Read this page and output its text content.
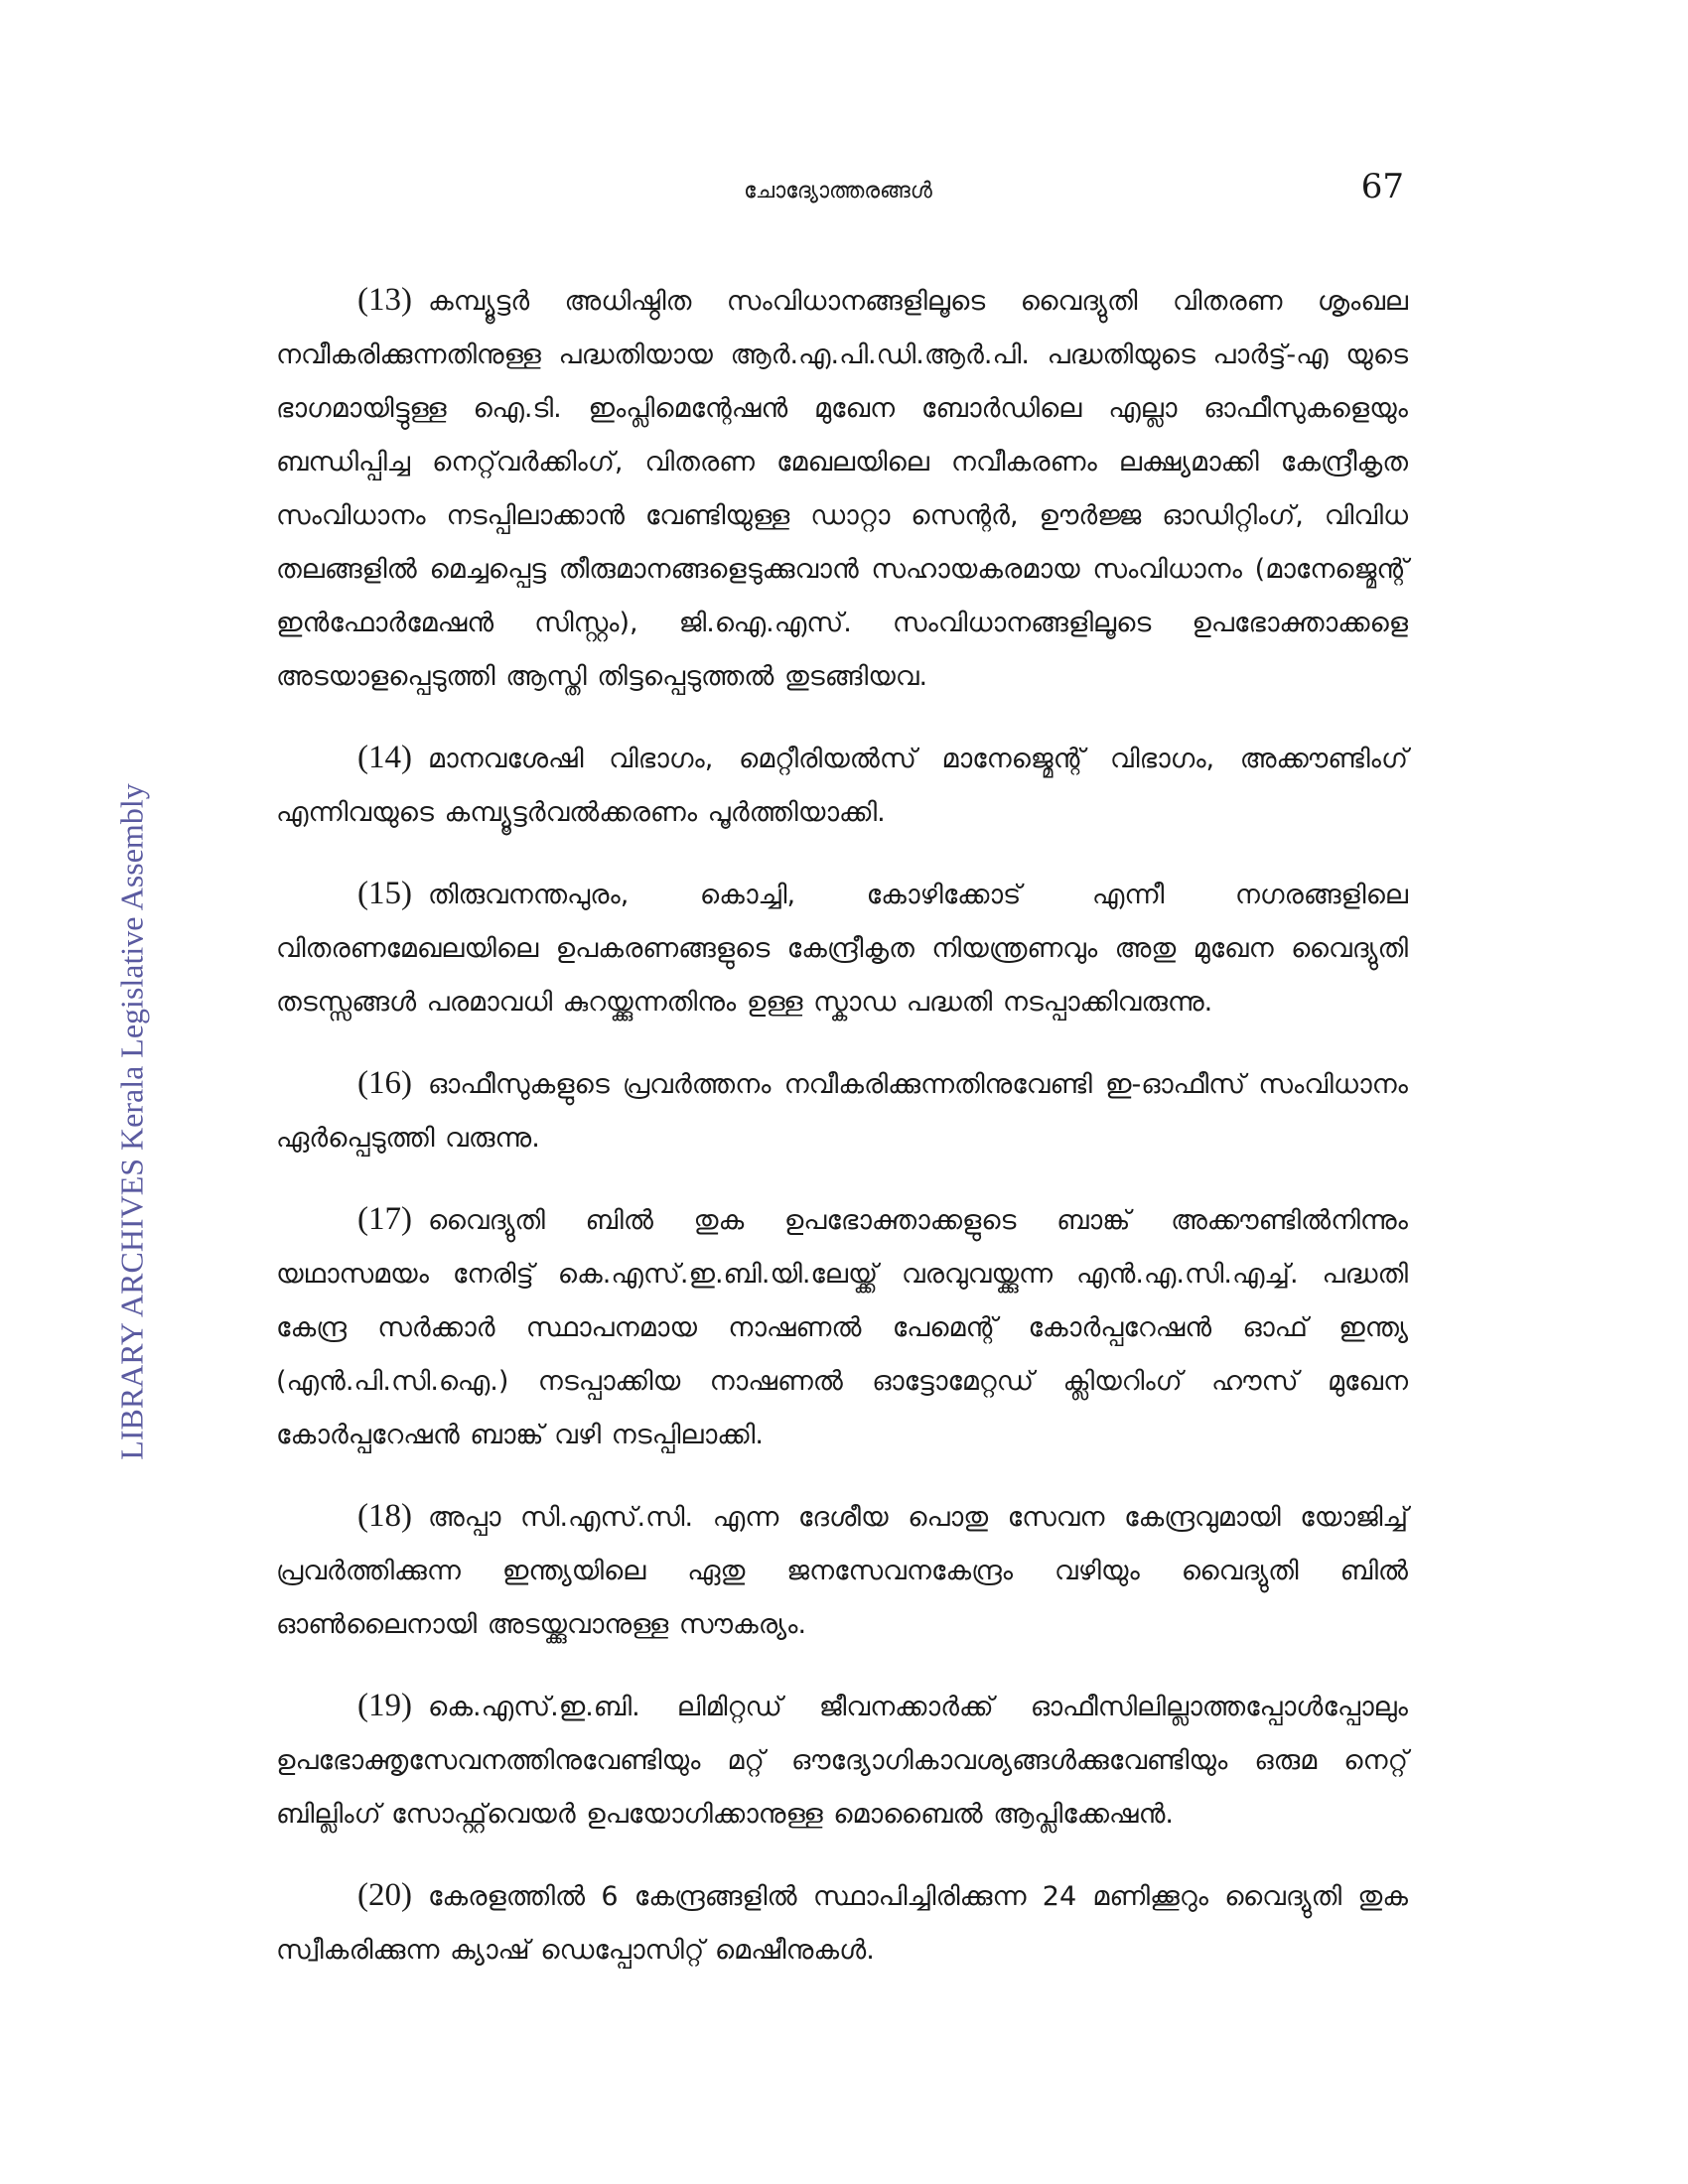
ചോദ്യോത്തരങ്ങൾ	67
LIBRARY ARCHIVES Kerala Legislative Assembly

(13) കമ്പ്യൂട്ടർ അധിഷ്ഠിത സംവിധാനങ്ങളിലൂടെ വൈദ്യുതി വിതരണ ശൃംഖല നവീകരിക്കുന്നതിനുള്ള പദ്ധതിയായ ആർ.എ.പി.ഡി.ആർ.പി. പദ്ധതിയുടെ പാർട്ട്-എ യുടെ ഭാഗമായിട്ടുള്ള ഐ.ടി. ഇംപ്ലിമെന്റേഷൻ മുഖേന ബോർഡിലെ എല്ലാ ഓഫീസുകളെയും ബന്ധിപ്പിച്ച നെറ്റ്‌വർക്കിംഗ്, വിതരണ മേഖലയിലെ നവീകരണം ലക്ഷ്യമാക്കി കേന്ദ്രീകൃത സംവിധാനം നടപ്പിലാക്കാൻ വേണ്ടിയുള്ള ഡാറ്റാ സെന്റർ, ഊർജ്ജ ഓഡിറ്റിംഗ്, വിവിധ തലങ്ങളിൽ മെച്ചപ്പെട്ട തീരുമാനങ്ങളെടുക്കുവാൻ സഹായകരമായ സംവിധാനം (മാനേജ്മെന്റ് ഇൻഫോർമേഷൻ സിസ്റ്റം), ജി.ഐ.എസ്. സംവിധാനങ്ങളിലൂടെ ഉപഭോക്താക്കളെ അടയാളപ്പെടുത്തി ആസ്തി തിട്ടപ്പെടുത്തൽ തുടങ്ങിയവ.

(14) മാനവശേഷി വിഭാഗം, മെറ്റീരിയൽസ് മാനേജ്മെന്റ് വിഭാഗം, അക്കൗണ്ടിംഗ് എന്നിവയുടെ കമ്പ്യൂട്ടർവൽക്കരണം പൂർത്തിയാക്കി.

(15) തിരുവനന്തപുരം, കൊച്ചി, കോഴിക്കോട് എന്നീ നഗരങ്ങളിലെ വിതരണമേഖലയിലെ ഉപകരണങ്ങളുടെ കേന്ദ്രീകൃത നിയന്ത്രണവും അതു മുഖേന വൈദ്യുതി തടസ്സങ്ങൾ പരമാവധി കുറയ്ക്കുന്നതിനും ഉള്ള സ്കാഡ പദ്ധതി നടപ്പാക്കിവരുന്നു.

(16) ഓഫീസുകളുടെ പ്രവർത്തനം നവീകരിക്കുന്നതിനുവേണ്ടി ഇ-ഓഫീസ് സംവിധാനം ഏർപ്പെടുത്തി വരുന്നു.

(17) വൈദ്യുതി ബിൽ തുക ഉപഭോക്താക്കളുടെ ബാങ്ക് അക്കൗണ്ടിൽനിന്നും യഥാസമയം നേരിട്ട് കെ.എസ്.ഇ.ബി.യി.ലേയ്ക്ക് വരവുവയ്ക്കുന്ന എൻ.എ.സി.എച്ച്. പദ്ധതി കേന്ദ്ര സർക്കാർ സ്ഥാപനമായ നാഷണൽ പേമെന്റ് കോർപ്പറേഷൻ ഓഫ് ഇന്ത്യ (എൻ.പി.സി.ഐ.) നടപ്പാക്കിയ നാഷണൽ ഓട്ടോമേറ്റഡ് ക്ലിയറിംഗ് ഹൗസ് മുഖേന കോർപ്പറേഷൻ ബാങ്ക് വഴി നടപ്പിലാക്കി.

(18) അപ്പാ സി.എസ്.സി. എന്ന ദേശീയ പൊതു സേവന കേന്ദ്രവുമായി യോജിച്ച് പ്രവർത്തിക്കുന്ന ഇന്ത്യയിലെ ഏതു ജനസേവനകേന്ദ്രം വഴിയും വൈദ്യുതി ബിൽ ഓൺലൈനായി അടയ്ക്കുവാനുള്ള സൗകര്യം.

(19) കെ.എസ്.ഇ.ബി. ലിമിറ്റഡ് ജീവനക്കാർക്ക് ഓഫീസിലില്ലാത്തപ്പോൾപ്പോലും ഉപഭോക്തൃസേവനത്തിനുവേണ്ടിയും മറ്റ് ഔദ്യോഗികാവശ്യങ്ങൾക്കുവേണ്ടിയും ഒരുമ നെറ്റ് ബില്ലിംഗ് സോഫ്റ്റ്‌വെയർ ഉപയോഗിക്കാനുള്ള മൊബൈൽ ആപ്ലിക്കേഷൻ.

(20) കേരളത്തിൽ 6 കേന്ദ്രങ്ങളിൽ സ്ഥാപിച്ചിരിക്കുന്ന 24 മണിക്കൂറും വൈദ്യുതി തുക സ്വീകരിക്കുന്ന ക്യാഷ് ഡെപ്പോസിറ്റ് മെഷീനുകൾ.
